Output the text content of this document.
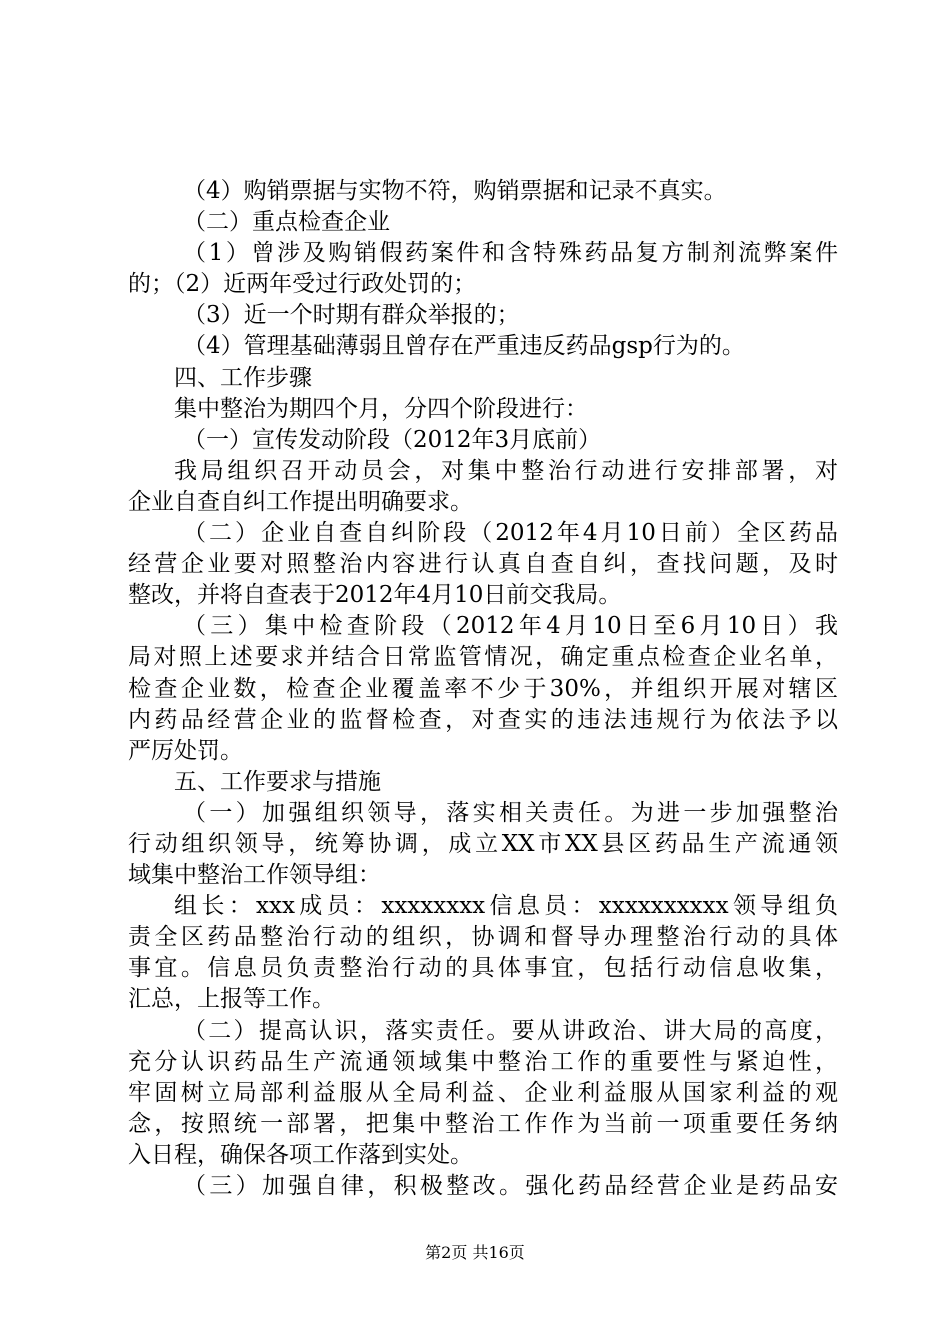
（4）购销票据与实物不符，购销票据和记录不真实。
（二）重点检查企业
（1）曾涉及购销假药案件和含特殊药品复方制剂流弊案件
的；（2）近两年受过行政处罚的；
（3）近一个时期有群众举报的；
（4）管理基础薄弱且曾存在严重违反药品gsp行为的。
四、工作步骤
集中整治为期四个月，分四个阶段进行：
（一）宣传发动阶段（2012年3月底前）
我局组织召开动员会，对集中整治行动进行安排部署，对
企业自查自纠工作提出明确要求。
（二）企业自查自纠阶段（2012年4月10日前）全区药品
经营企业要对照整治内容进行认真自查自纠，查找问题，及时
整改，并将自查表于2012年4月10日前交我局。
（三）集中检查阶段（2012年4月10日至6月10日）我
局对照上述要求并结合日常监管情况，确定重点检查企业名单，
检查企业数，检查企业覆盖率不少于30%，并组织开展对辖区
内药品经营企业的监督检查，对查实的违法违规行为依法予以
严厉处罚。
五、工作要求与措施
（一）加强组织领导，落实相关责任。为进一步加强整治
行动组织领导，统筹协调，成立XX市XX县区药品生产流通领
域集中整治工作领导组：
组长：xxx成员：xxxxxxxx信息员：xxxxxxxxxx领导组负
责全区药品整治行动的组织，协调和督导办理整治行动的具体
事宜。信息员负责整治行动的具体事宜，包括行动信息收集，
汇总，上报等工作。
（二）提高认识，落实责任。要从讲政治、讲大局的高度，
充分认识药品生产流通领域集中整治工作的重要性与紧迫性，
牢固树立局部利益服从全局利益、企业利益服从国家利益的观
念，按照统一部署，把集中整治工作作为当前一项重要任务纳
入日程，确保各项工作落到实处。
（三）加强自律，积极整改。强化药品经营企业是药品安
第2页 共16页
